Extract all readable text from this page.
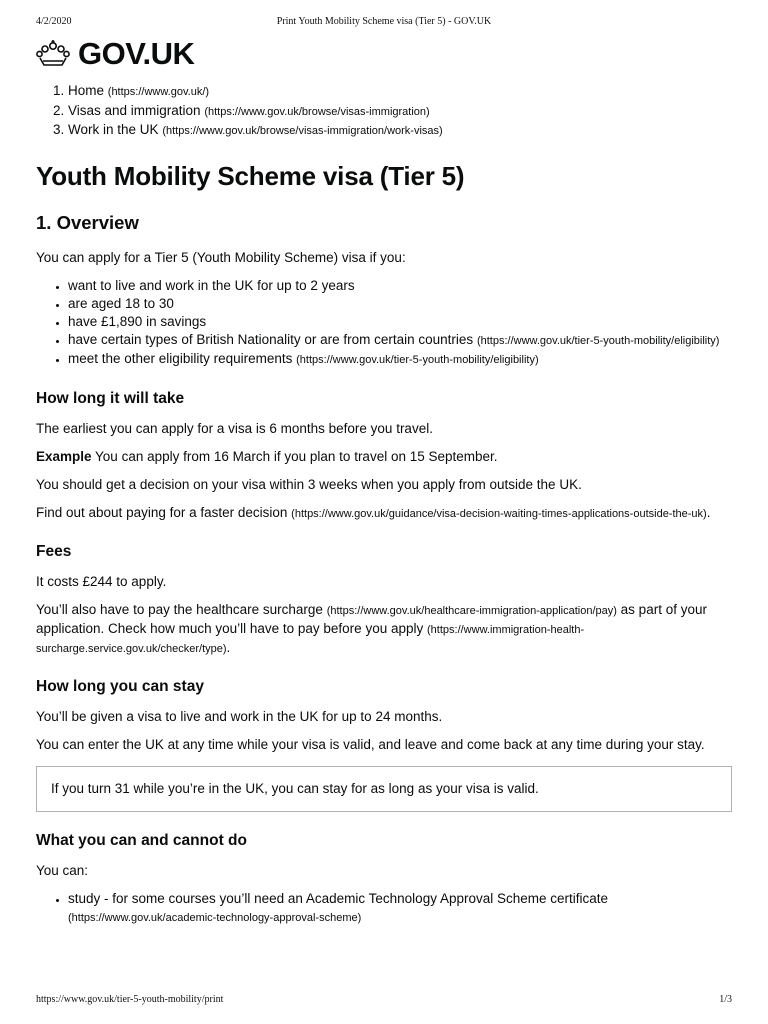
4/2/2020	Print Youth Mobility Scheme visa (Tier 5) - GOV.UK
GOV.UK
1. Home (https://www.gov.uk/)
2. Visas and immigration (https://www.gov.uk/browse/visas-immigration)
3. Work in the UK (https://www.gov.uk/browse/visas-immigration/work-visas)
Youth Mobility Scheme visa (Tier 5)
1. Overview

You can apply for a Tier 5 (Youth Mobility Scheme) visa if you:

• want to live and work in the UK for up to 2 years
• are aged 18 to 30
• have £1,890 in savings
• have certain types of British Nationality or are from certain countries (https://www.gov.uk/tier-5-youth-mobility/eligibility)
• meet the other eligibility requirements (https://www.gov.uk/tier-5-youth-mobility/eligibility)
How long it will take

The earliest you can apply for a visa is 6 months before you travel.

Example You can apply from 16 March if you plan to travel on 15 September.

You should get a decision on your visa within 3 weeks when you apply from outside the UK.

Find out about paying for a faster decision (https://www.gov.uk/guidance/visa-decision-waiting-times-applications-outside-the-uk).

Fees

It costs £244 to apply.

You’ll also have to pay the healthcare surcharge (https://www.gov.uk/healthcare-immigration-application/pay) as part of your application. Check how much you’ll have to pay before you apply (https://www.immigration-health-surcharge.service.gov.uk/checker/type).

How long you can stay

You’ll be given a visa to live and work in the UK for up to 24 months.

You can enter the UK at any time while your visa is valid, and leave and come back at any time during your stay.

If you turn 31 while you’re in the UK, you can stay for as long as your visa is valid.
What you can and cannot do

You can:

• study - for some courses you’ll need an Academic Technology Approval Scheme certificate
(https://www.gov.uk/academic-technology-approval-scheme)
https://www.gov.uk/tier-5-youth-mobility/print	1/3
